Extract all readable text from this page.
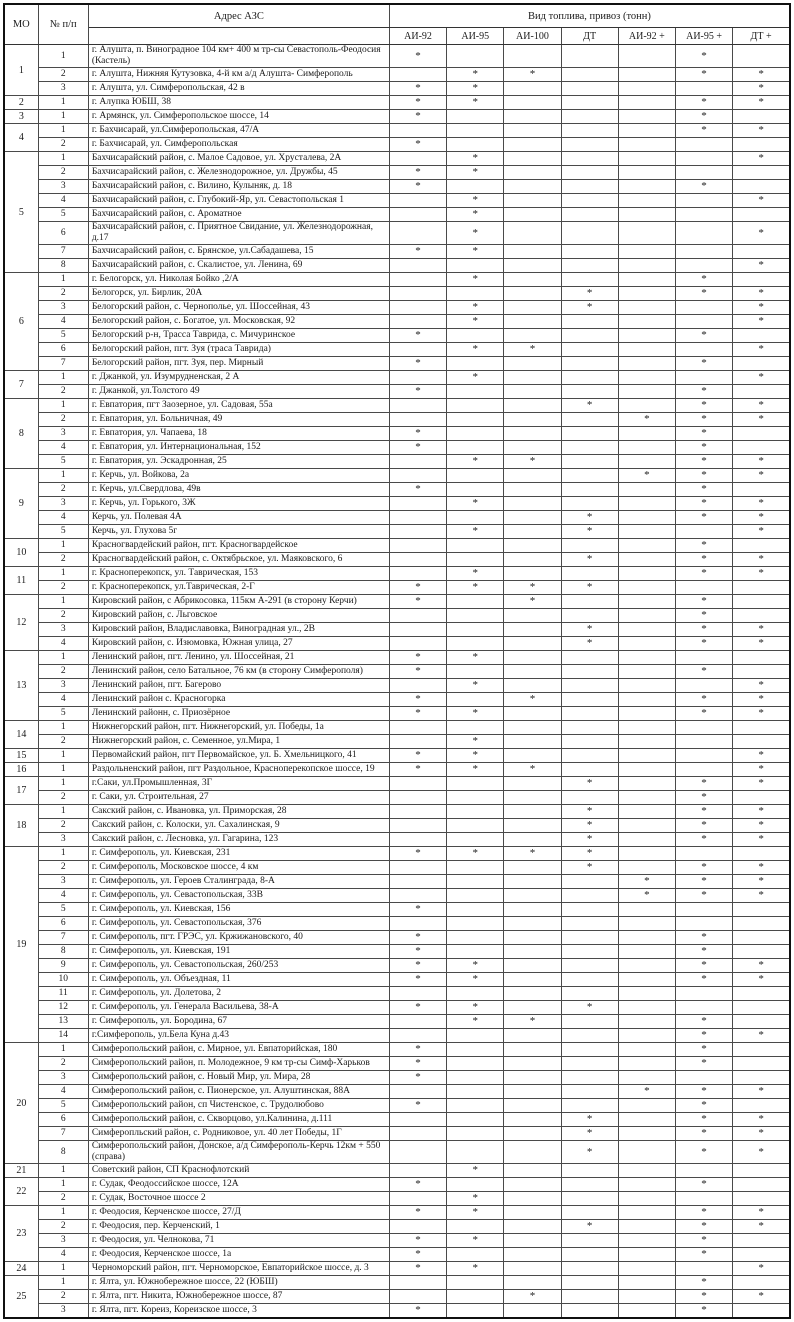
МО	№ п/п	Адрес АЗС	Вид топлива, привоз (тонн)						
			АИ-92	АИ-95	АИ-100	ДТ	АИ-92 +	АИ-95 +	ДТ +
1	1	г. Алушта, п. Виноградное 104 км+ 400 м тр-сы Севастополь-Феодосия (Кастель)	*					*	
	2	г. Алушта, Нижняя Кутузовка, 4-й км а/д Алушта- Симферополь		*	*			*	*
	3	г. Алушта, ул. Симферопольская, 42 в	*	*					*
2	1	г. Алупка ЮБШ, 38	*	*				*	*
3	1	г. Армянск, ул. Симферопольское шоссе, 14	*					*	
4	1	г. Бахчисарай, ул.Симферопольская, 47/А						*	*
	2	г. Бахчисарай, ул. Симферопольская	*						
5	1	Бахчисарайский район, с. Малое Садовое, ул. Хрусталева, 2А		*					*
	2	Бахчисарайский район, с. Железнодорожное, ул. Дружбы, 45	*	*					
	3	Бахчисарайский район, с. Вилино, Кулыняк, д. 18	*					*	
	4	Бахчисарайский район, с. Глубокий-Яр, ул. Севастопольская 1		*					*
	5	Бахчисарайский район, с. Ароматное		*					
	6	Бахчисарайский район, с. Приятное Свидание, ул. Железнодорожная, д.17		*					*
	7	Бахчисарайский район, с. Брянское, ул.Сабадашева, 15	*	*					
	8	Бахчисарайский район, с. Скалистое, ул. Ленина, 69							*
6	1	г. Белогорск, ул. Николая Бойко ,2/А		*				*	
	2	Белогорск, ул. Бирлик, 20А				*		*	*
	3	Белогорский район, с. Чернополье, ул. Шоссейная, 43		*		*			*
	4	Белогорский район, с. Богатое, ул. Московская, 92		*					*
	5	Белогорский р-н, Трасса Таврида, с. Мичуринское	*					*	
	6	Белогорский район, пгт. Зуя (траса Таврида)		*	*				*
	7	Белогорский район, пгт. Зуя, пер. Мирный	*					*	
7	1	г. Джанкой, ул. Изумрудненская, 2 А		*					*
	2	г. Джанкой, ул.Толстого 49	*					*	
8	1	г. Евпатория, пгт Заозерное, ул. Садовая, 55а				*		*	*
	2	г. Евпатория, ул. Больничная, 49					*	*	*
	3	г. Евпатория, ул. Чапаева, 18	*					*	
	4	г. Евпатория, ул. Интернациональная, 152	*					*	
	5	г. Евпатория, ул. Эскадронная, 25		*	*			*	*
9	1	г. Керчь, ул. Войкова, 2а					*	*	*
	2	г. Керчь, ул.Свердлова, 49в	*					*	
	3	г. Керчь, ул. Горького, 3Ж		*				*	*
	4	Керчь, ул. Полевая 4А				*		*	*
	5	Керчь, ул. Глухова 5г		*		*			*
10	1	Красногвардейский район, пгт. Красногвардейское						*	
	2	Красногвардейский район, с. Октябрьское, ул. Маяковского, 6				*		*	*
11	1	г. Красноперекопск, ул. Таврическая, 153		*				*	*
	2	г. Красноперекопск, ул.Таврическая, 2-Г	*	*	*	*			
12	1	Кировский район, с Абрикосовка, 115км А-291 (в сторону Керчи)	*		*			*	
	2	Кировский район, с. Льговское						*	
	3	Кировский район, Владиславовка, Виноградная ул., 2В				*		*	*
	4	Кировский район, с. Изюмовка, Южная улица, 27				*		*	*
13	1	Ленинский район, пгт. Ленино, ул. Шоссейная, 21	*	*					
	2	Ленинский район, село Батальное, 76 км (в сторону Симферополя)	*					*	
	3	Ленинский район, пгт. Багерово		*					*
	4	Ленинский район с. Красногорка	*		*			*	*
	5	Ленинский районн, с. Приозёрное	*	*				*	*
14	1	Нижнегорский район, пгт. Нижнегорский, ул. Победы, 1а							
	2	Нижнегорский район, с. Семенное, ул.Мира, 1		*					
15	1	Первомайский район, пгт Первомайское, ул. Б. Хмельницкого, 41	*	*					*
16	1	Раздольненский район, пгт Раздольное, Красноперекопское шоссе, 19	*	*	*				*
17	1	г.Саки, ул.Промышленная, 3Г				*		*	*
	2	г. Саки, ул. Строительная, 27						*	
18	1	Сакский район, с. Ивановка, ул. Приморская, 28				*		*	*
	2	Сакский район, с. Колоски, ул. Сахалинская, 9				*		*	*
	3	Сакский район, с. Лесновка, ул. Гагарина, 123				*		*	*
19	1	г. Симферополь, ул. Киевская, 231	*	*	*	*			
	2	г. Симферополь, Московское шоссе, 4 км				*		*	*
	3	г. Симферополь, ул. Героев Сталинграда, 8-А					*	*	*
	4	г. Симферополь, ул. Севастопольская, 33В					*	*	*
	5	г. Симферополь, ул. Киевская, 156	*						
	6	г. Симферополь, ул. Севастопольская, 376							
	7	г. Симферополь, пгт. ГРЭС, ул. Кржижановского, 40	*					*	
	8	г. Симферополь, ул. Киевская, 191	*					*	
	9	г. Симферополь, ул. Севастопольская, 260/253	*	*				*	*
	10	г. Симферополь, ул. Объездная, 11	*	*				*	*
	11	г. Симферополь, ул. Долетова, 2							
	12	г. Симферополь, ул. Генерала Васильева, 38-А	*	*		*			
	13	г. Симферополь, ул. Бородина, 67		*	*			*	
	14	г.Симферополь, ул.Бела Куна д.43						*	*
20	1	Симферопольский район, с. Мирное, ул. Евпаторийская, 180	*					*	
	2	Симферопольский район, п. Молодежное, 9 км тр-сы Симф-Харьков	*					*	
	3	Симферопольский район, с. Новый Мир, ул. Мира, 28	*						
	4	Симферопольский район, с. Пионерское, ул. Алуштинская, 88А					*	*	*
	5	Симферопольский район, сп Чистенское, с. Трудолюбово	*					*	
	6	Симферопольский район, с. Скворцово, ул.Калинина, д.111				*		*	*
	7	Симферопльский район, с. Родниковое, ул. 40 лет Победы, 1Г				*		*	*
	8	Симферопольский район, Донское, а/д Симферополь-Керчь 12км + 550 (справа)				*		*	*
21	1	Советский район, СП Краснофлотский		*					
22	1	г. Судак, Феодоссийское шоссе, 12А	*					*	
	2	г. Судак, Восточное шоссе 2		*					
23	1	г. Феодосия, Керченское шоссе, 27/Д	*	*				*	*
	2	г. Феодосия, пер. Керченский, 1				*		*	*
	3	г. Феодосия, ул. Челнокова, 71	*	*				*	
	4	г. Феодосия, Керченское шоссе, 1а	*					*	
24	1	Черноморский район, пгт. Черноморское, Евпаторийское шоссе, д. 3	*	*					*
25	1	г. Ялта, ул. Южнобережное шоссе, 22 (ЮБШ)						*	
	2	г. Ялта, пгт. Никита, Южнобережное шоссе, 87			*			*	*
	3	г. Ялта, пгт. Кореиз, Кореизское шоссе, 3	*					*	
